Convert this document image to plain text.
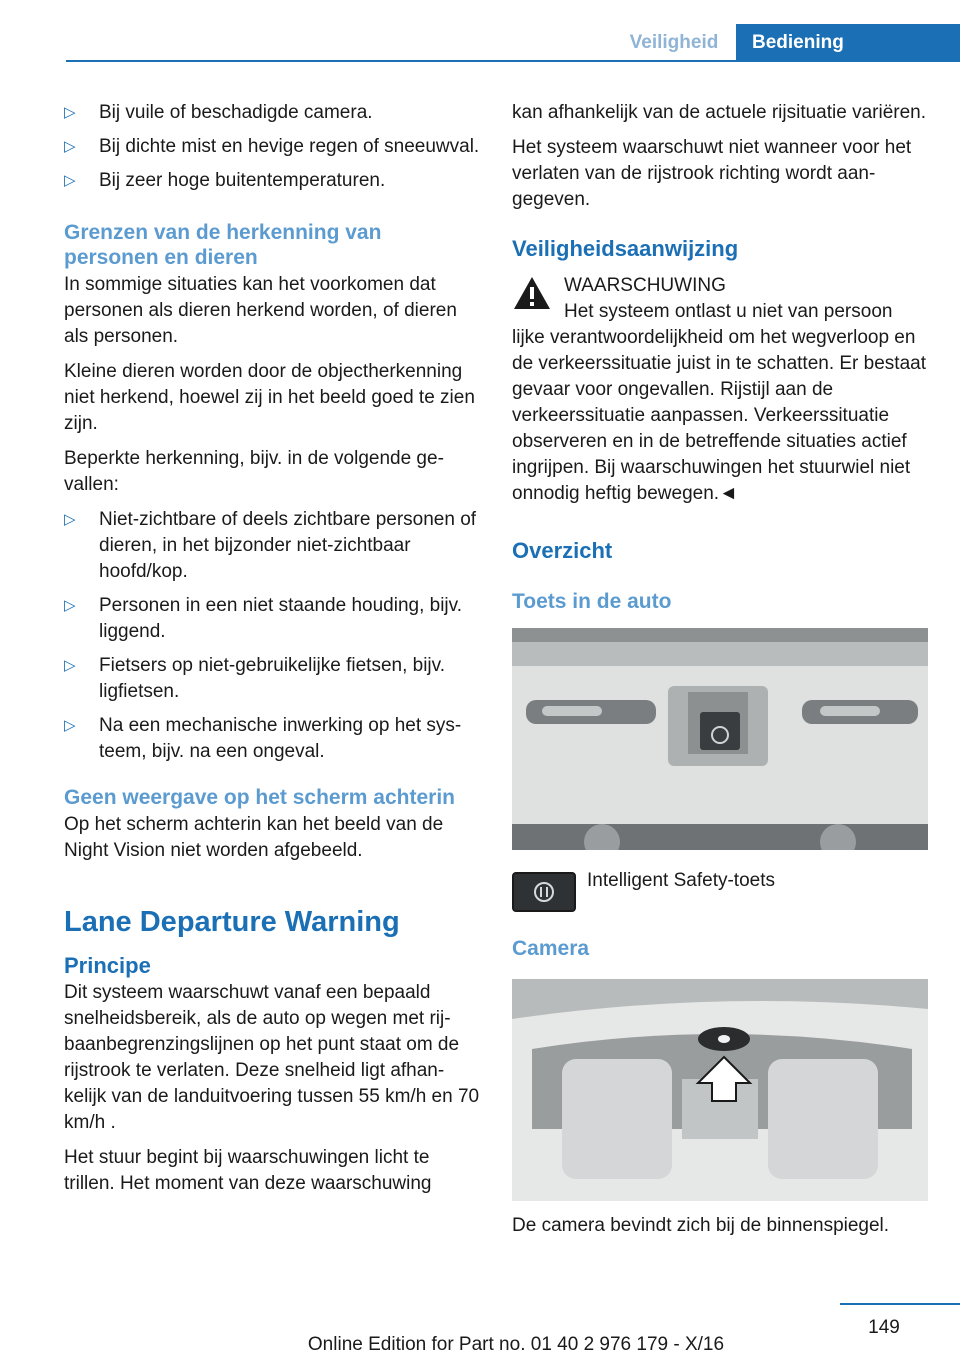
Veiligheid	Bediening
▷ Bij vuile of beschadigde camera.
▷ Bij dichte mist en hevige regen of sneeuwval.
▷ Bij zeer hoge buitentemperaturen.
Grenzen van de herkenning van personen en dieren

In sommige situaties kan het voorkomen dat personen als dieren herkend worden, of dieren als personen.

Kleine dieren worden door de objectherkenning niet herkend, hoewel zij in het beeld goed te zien zijn.

Beperkte herkenning, bijv. in de volgende gevallen:

▷ Niet-zichtbare of deels zichtbare personen of dieren, in het bijzonder niet-zichtbaar hoofd/kop.
▷ Personen in een niet staande houding, bijv. liggend.
▷ Fietsers op niet-gebruikelijke fietsen, bijv. ligfietsen.
▷ Na een mechanische inwerking op het systeem, bijv. na een ongeval.
Geen weergave op het scherm achterin

Op het scherm achterin kan het beeld van de Night Vision niet worden afgebeeld.

Lane Departure Warning
Principe

Dit systeem waarschuwt vanaf een bepaald snelheidsbereik, als de auto op wegen met rijbaanbegrenzingslijnen op het punt staat om de rijstrook te verlaten. Deze snelheid ligt afhankelijk van de landuitvoering tussen 55 km/h en 70 km/h .

Het stuur begint bij waarschuwingen licht te trillen. Het moment van deze waarschuwing

kan afhankelijk van de actuele rijsituatie variëren.

Het systeem waarschuwt niet wanneer voor het verlaten van de rijstrook richting wordt aangegeven.

Veiligheidsaanwijzing
WAARSCHUWING
Het systeem ontlast u niet van persoon
lijke verantwoordelijkheid om het wegverloop en de verkeerssituatie juist in te schatten. Er bestaat gevaar voor ongevallen. Rijstijl aan de verkeerssituatie aanpassen. Verkeerssituatie observeren en in de betreffende situaties actief ingrijpen. Bij waarschuwingen het stuurwiel niet onnodig heftig bewegen.◄
Overzicht
Toets in de auto
Intelligent Safety-toets
Camera

De camera bevindt zich bij de binnenspiegel.

149
Online Edition for Part no. 01 40 2 976 179 - X/16
